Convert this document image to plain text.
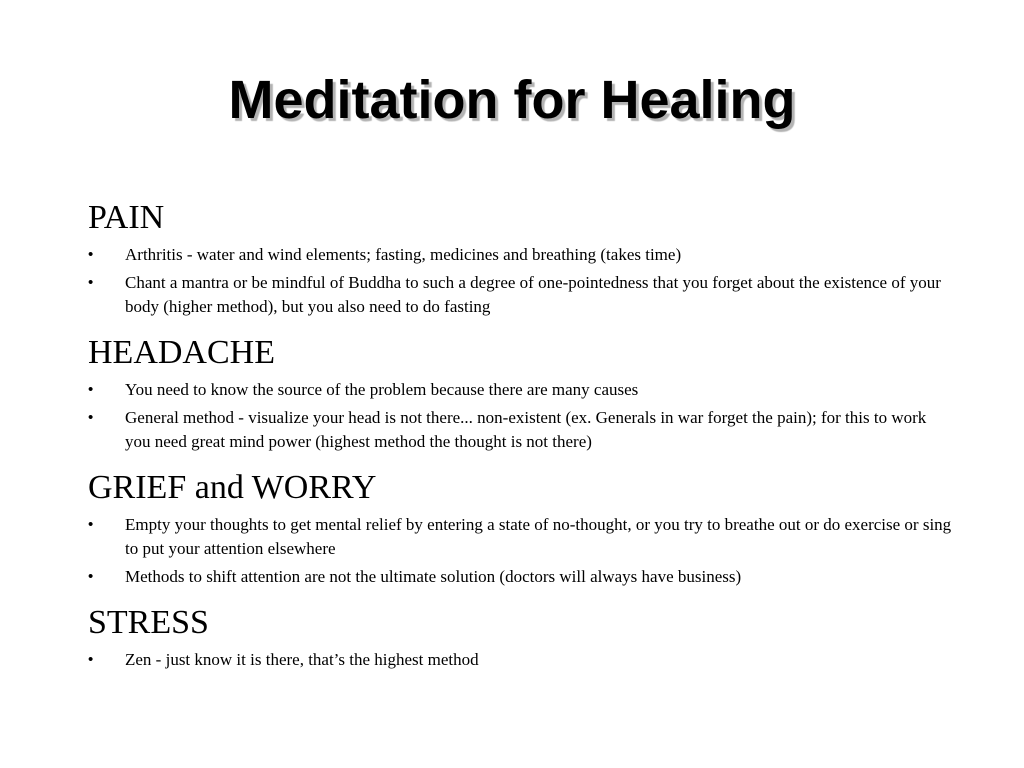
Meditation for Healing

PAIN

• Arthritis - water and wind elements; fasting, medicines and breathing (takes time)
• Chant a mantra or be mindful of Buddha to such a degree of one-pointedness that you forget about the existence of your body (higher method), but you also need to do fasting

HEADACHE

• You need to know the source of the problem because there are many causes
• General method - visualize your head is not there... non-existent (ex. Generals in war forget the pain); for this to work you need great mind power (highest method the thought is not there)

GRIEF and WORRY

• Empty your thoughts to get mental relief by entering a state of no-thought, or you try to breathe out or do exercise or sing to put your attention elsewhere
• Methods to shift attention are not the ultimate solution (doctors will always have business)

STRESS

• Zen - just know it is there, that’s the highest method
